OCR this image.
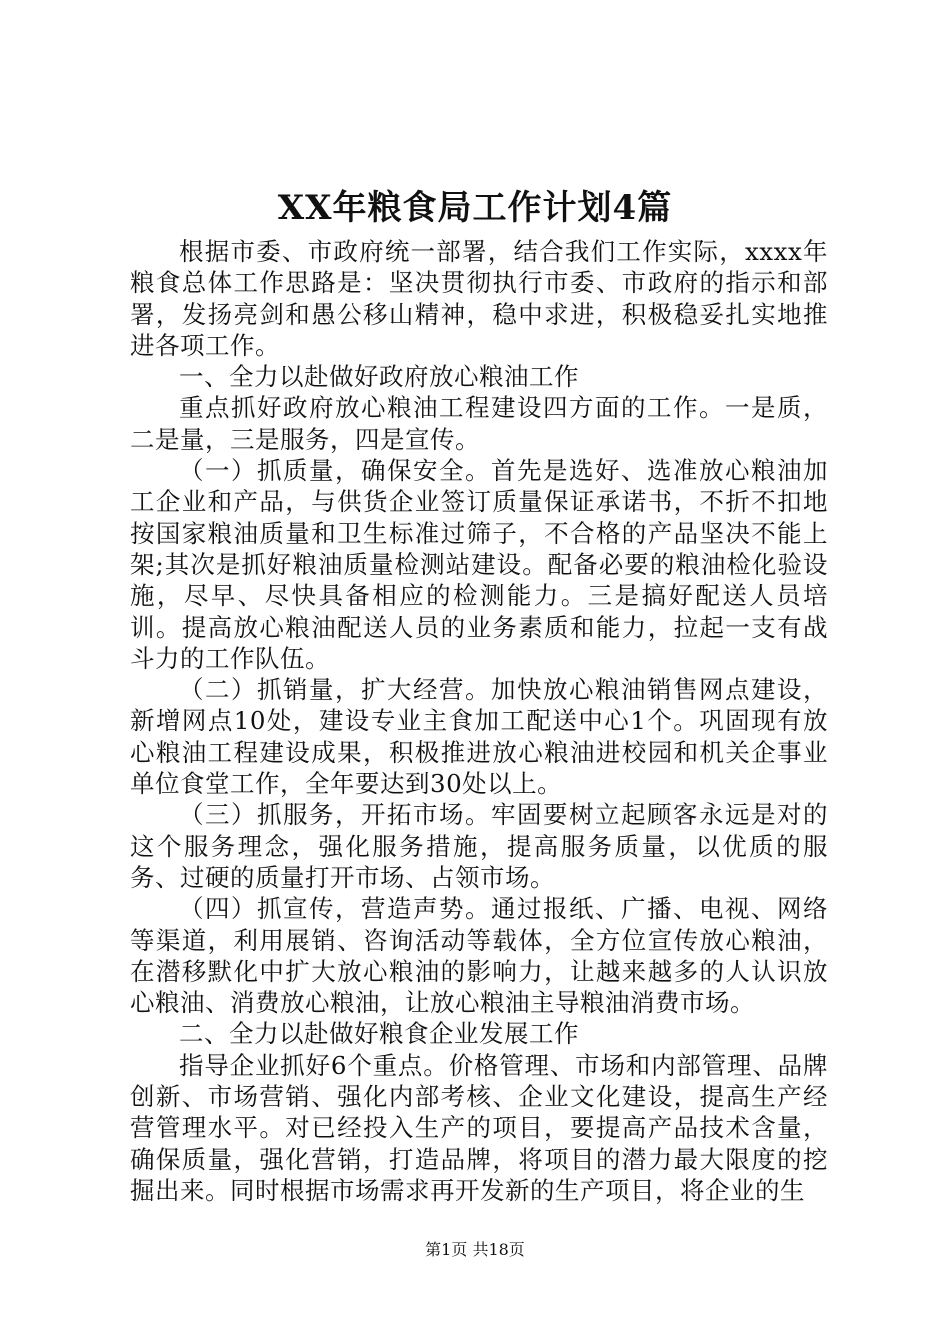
XX年粮食局工作计划4篇

根据市委、市政府统一部署，结合我们工作实际，xxxx年粮食总体工作思路是：坚决贯彻执行市委、市政府的指示和部署，发扬亮剑和愚公移山精神，稳中求进，积极稳妥扎实地推进各项工作。

一、全力以赴做好政府放心粮油工作

重点抓好政府放心粮油工程建设四方面的工作。一是质，二是量，三是服务，四是宣传。

（一）抓质量，确保安全。首先是选好、选准放心粮油加工企业和产品，与供货企业签订质量保证承诺书，不折不扣地按国家粮油质量和卫生标准过筛子，不合格的产品坚决不能上架;其次是抓好粮油质量检测站建设。配备必要的粮油检化验设施，尽早、尽快具备相应的检测能力。三是搞好配送人员培训。提高放心粮油配送人员的业务素质和能力，拉起一支有战斗力的工作队伍。

（二）抓销量，扩大经营。加快放心粮油销售网点建设，新增网点10处，建设专业主食加工配送中心1个。巩固现有放心粮油工程建设成果，积极推进放心粮油进校园和机关企事业单位食堂工作，全年要达到30处以上。

（三）抓服务，开拓市场。牢固要树立起顾客永远是对的这个服务理念，强化服务措施，提高服务质量，以优质的服务、过硬的质量打开市场、占领市场。

（四）抓宣传，营造声势。通过报纸、广播、电视、网络等渠道，利用展销、咨询活动等载体，全方位宣传放心粮油，在潜移默化中扩大放心粮油的影响力，让越来越多的人认识放心粮油、消费放心粮油，让放心粮油主导粮油消费市场。

二、全力以赴做好粮食企业发展工作

指导企业抓好6个重点。价格管理、市场和内部管理、品牌创新、市场营销、强化内部考核、企业文化建设，提高生产经营管理水平。对已经投入生产的项目，要提高产品技术含量，确保质量，强化营销，打造品牌，将项目的潜力最大限度的挖掘出来。同时根据市场需求再开发新的生产项目，将企业的生

第1页 共18页
